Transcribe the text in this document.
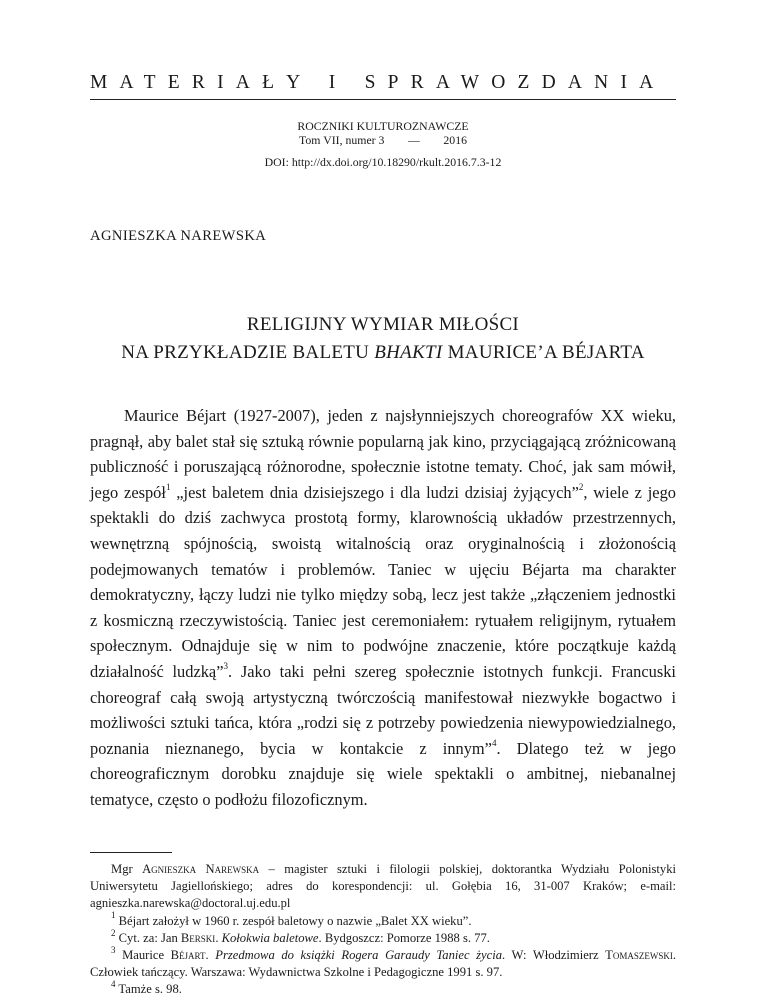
MATERIAŁY I SPRAWOZDANIA
ROCZNIKI KULTUROZNAWCZE
Tom VII, numer 3 — 2016
DOI: http://dx.doi.org/10.18290/rkult.2016.7.3-12
AGNIESZKA NAREWSKA
RELIGIJNY WYMIAR MIŁOŚCI
NA PRZYKŁADZIE BALETU BHAKTI MAURICE’A BÉJARTA

Maurice Béjart (1927-2007), jeden z najsłynniejszych choreografów XX wieku, pragnął, aby balet stał się sztuką równie popularną jak kino, przyciągającą zróżnicowaną publiczność i poruszającą różnorodne, społecznie istotne tematy. Choć, jak sam mówił, jego zespół$^1$ „jest baletem dnia dzisiejszego i dla ludzi dzisiaj żyjących”$^2$, wiele z jego spektakli do dziś zachwyca prostotą formy, klarownością układów przestrzennych, wewnętrzną spójnością, swoistą witalnością oraz oryginalnością i złożonością podejmowanych tematów i problemów. Taniec w ujęciu Béjarta ma charakter demokratyczny, łączy ludzi nie tylko między sobą, lecz jest także „złączeniem jednostki z kosmiczną rzeczywistością. Taniec jest ceremoniałem: rytuałem religijnym, rytuałem społecznym. Odnajduje się w nim to podwójne znaczenie, które początkuje każdą działalność ludzką”$^3$. Jako taki pełni szereg społecznie istotnych funkcji. Francuski choreograf całą swoją artystyczną twórczością manifestował niezwykłe bogactwo i możliwości sztuki tańca, która „rodzi się z potrzeby powiedzenia niewypowiedzialnego, poznania nieznanego, bycia w kontakcie z innym”$^4$. Dlatego też w jego choreograficznym dorobku znajduje się wiele spektakli o ambitnej, niebanalnej tematyce, często o podłożu filozoficznym.

Mgr Agnieszka Narewska – magister sztuki i filologii polskiej, doktorantka Wydziału Polonistyki Uniwersytetu Jagiellońskiego; adres do korespondencji: ul. Gołębia 16, 31-007 Kraków; e-mail: agnieszka.narewska@doctoral.uj.edu.pl

$^1$ Béjart założył w 1960 r. zespół baletowy o nazwie „Balet XX wieku”.

$^2$ Cyt. za: Jan Berski. Kołokwia baletowe. Bydgoszcz: Pomorze 1988 s. 77.

$^3$ Maurice Béjart. Przedmowa do książki Rogera Garaudy Taniec życia. W: Włodzimierz Tomaszewski. Człowiek tańczący. Warszawa: Wydawnictwa Szkolne i Pedagogiczne 1991 s. 97.

$^4$ Tamże s. 98.
